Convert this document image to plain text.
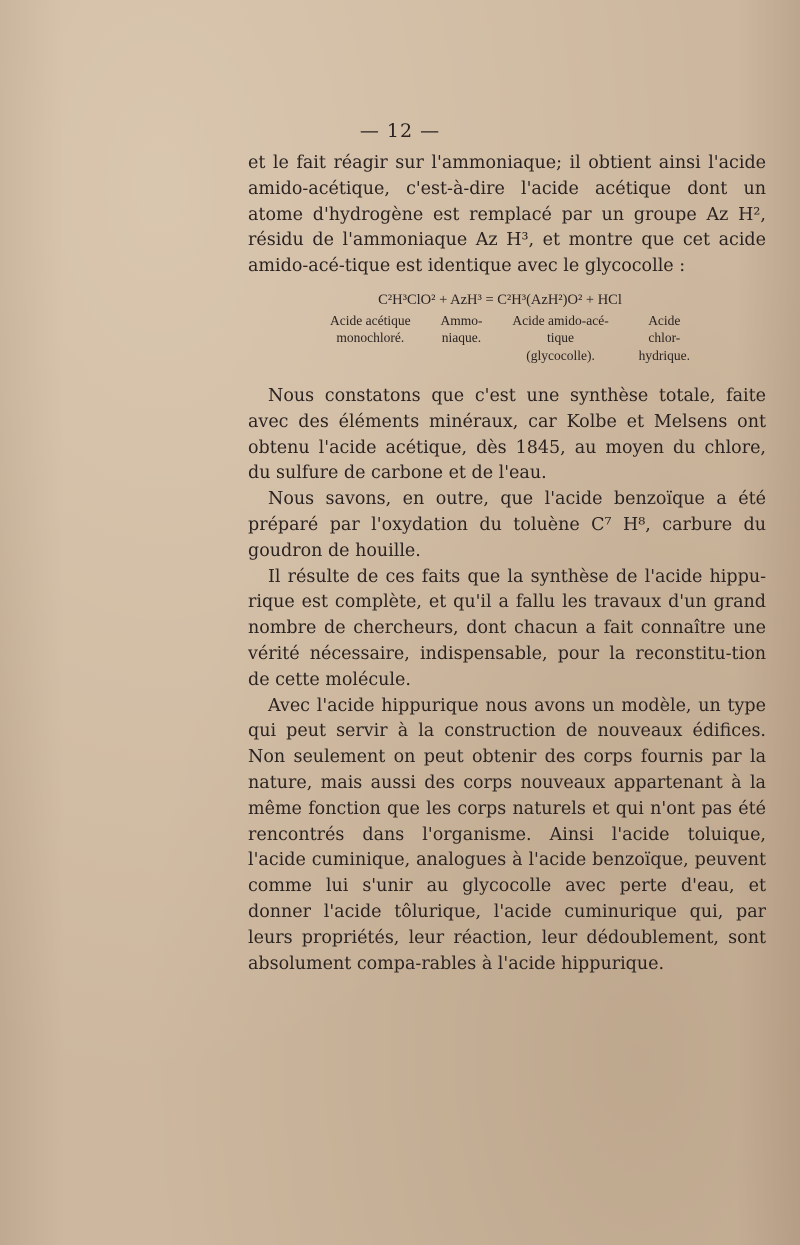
— 12 —

et le fait réagir sur l'ammoniaque; il obtient ainsi l'acide amido-acétique, c'est-à-dire l'acide acétique dont un atome d'hydrogène est remplacé par un groupe Az H², résidu de l'ammoniaque Az H³, et montre que cet acide amido-acé-tique est identique avec le glycocolle :

C²H³ClO² + AzH³ = C²H³(AzH²)O² + HCl
Acide acétique
monochloré.
Ammo-
niaque.
Acide amido-acé-
tique
(glycocolle).
Acide
chlor-
hydrique.

Nous constatons que c'est une synthèse totale, faite avec des éléments minéraux, car Kolbe et Melsens ont obtenu l'acide acétique, dès 1845, au moyen du chlore, du sulfure de carbone et de l'eau.

Nous savons, en outre, que l'acide benzoïque a été préparé par l'oxydation du toluène C⁷ H⁸, carbure du goudron de houille.

Il résulte de ces faits que la synthèse de l'acide hippu-rique est complète, et qu'il a fallu les travaux d'un grand nombre de chercheurs, dont chacun a fait connaître une vérité nécessaire, indispensable, pour la reconstitu-tion de cette molécule.

Avec l'acide hippurique nous avons un modèle, un type qui peut servir à la construction de nouveaux édifices. Non seulement on peut obtenir des corps fournis par la nature, mais aussi des corps nouveaux appartenant à la même fonction que les corps naturels et qui n'ont pas été rencontrés dans l'organisme. Ainsi l'acide toluique, l'acide cuminique, analogues à l'acide benzoïque, peuvent comme lui s'unir au glycocolle avec perte d'eau, et donner l'acide tôlurique, l'acide cuminurique qui, par leurs propriétés, leur réaction, leur dédoublement, sont absolument compa-rables à l'acide hippurique.
